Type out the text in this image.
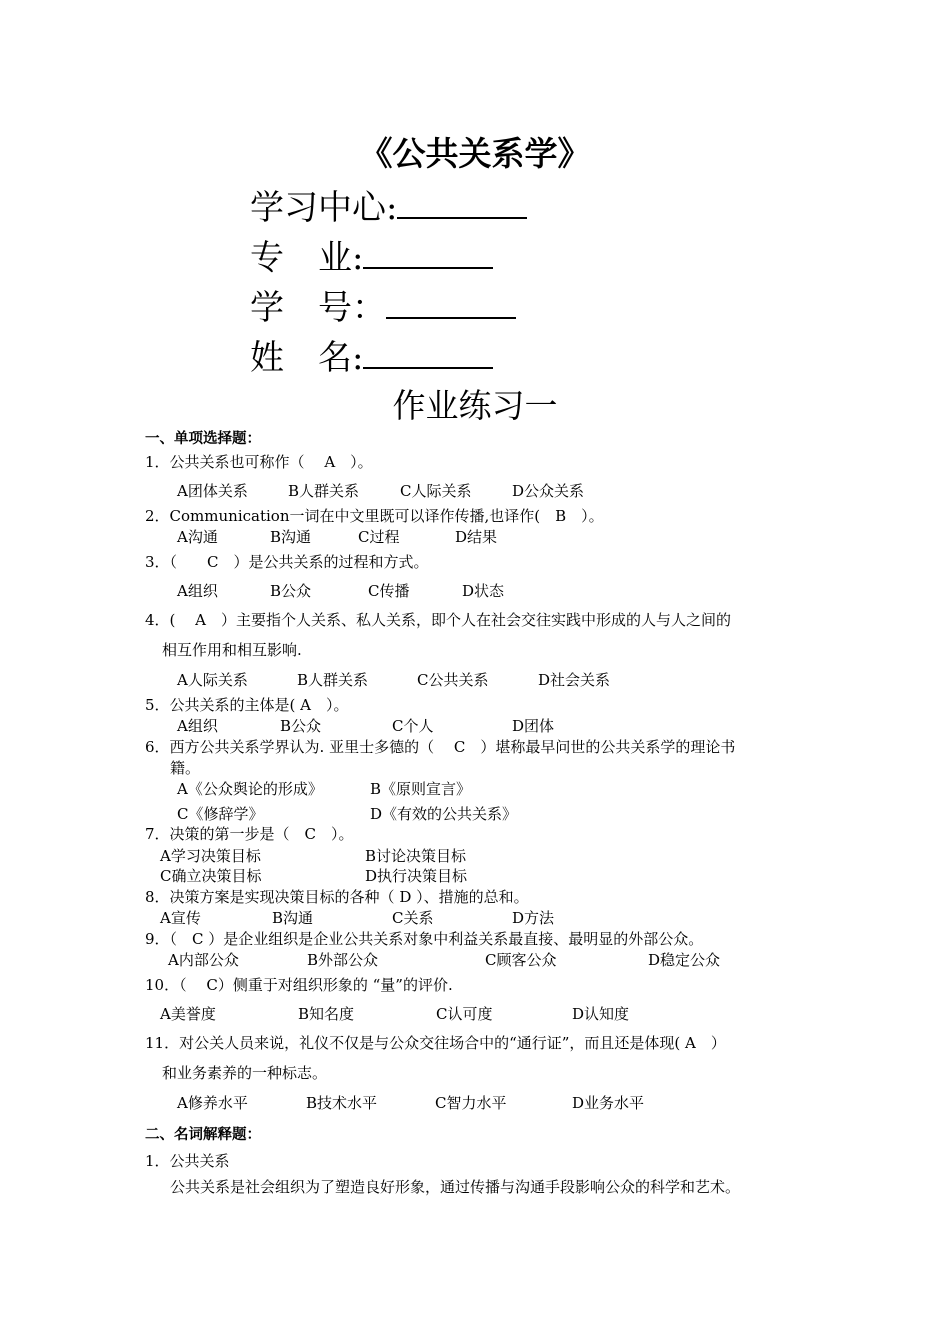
《公共关系学》
学习中心:
专　业:
学　号：
姓　名:
作业练习一
一、单项选择题：
1．公共关系也可称作（　 A　）。
A团体关系	B人群关系	C人际关系	D公众关系
2．Communication一词在中文里既可以译作传播,也译作(　B　）。
A沟通	B沟通	C过程	D结果
3．（　　C　）是公共关系的过程和方式。
A组织	B公众	C传播	D状态
4．(　 A　）主要指个人关系、私人关系，即个人在社会交往实践中形成的人与人之间的
相互作用和相互影响.
A人际关系	B人群关系	C公共关系	D社会关系
5．公共关系的主体是( A　）。
A组织	B公众	C个人	D团体
6．西方公共关系学界认为. 亚里士多德的（　 C　）堪称最早问世的公共关系学的理论书
籍。
A《公众舆论的形成》	B《原则宣言》
C《修辞学》	D《有效的公共关系》
7．决策的第一步是（　C　）。
A学习决策目标	B讨论决策目标
C确立决策目标	D执行决策目标
8．决策方案是实现决策目标的各种（ D ）、措施的总和。
A宣传	B沟通	C关系	D方法
9．（　C ）是企业组织是企业公共关系对象中利益关系最直接、最明显的外部公众。
A内部公众	B外部公众	C顾客公众	D稳定公众
10．（　 C）侧重于对组织形象的 “量”的评价.
A美誉度	B知名度	C认可度	D认知度
11．对公关人员来说，礼仪不仅是与公众交往场合中的“通行证”，而且还是体现( A　）
和业务素养的一种标志。
A修养水平	B技术水平	C智力水平	D业务水平
二、名词解释题：
1．公共关系
公共关系是社会组织为了塑造良好形象，通过传播与沟通手段影响公众的科学和艺术。
